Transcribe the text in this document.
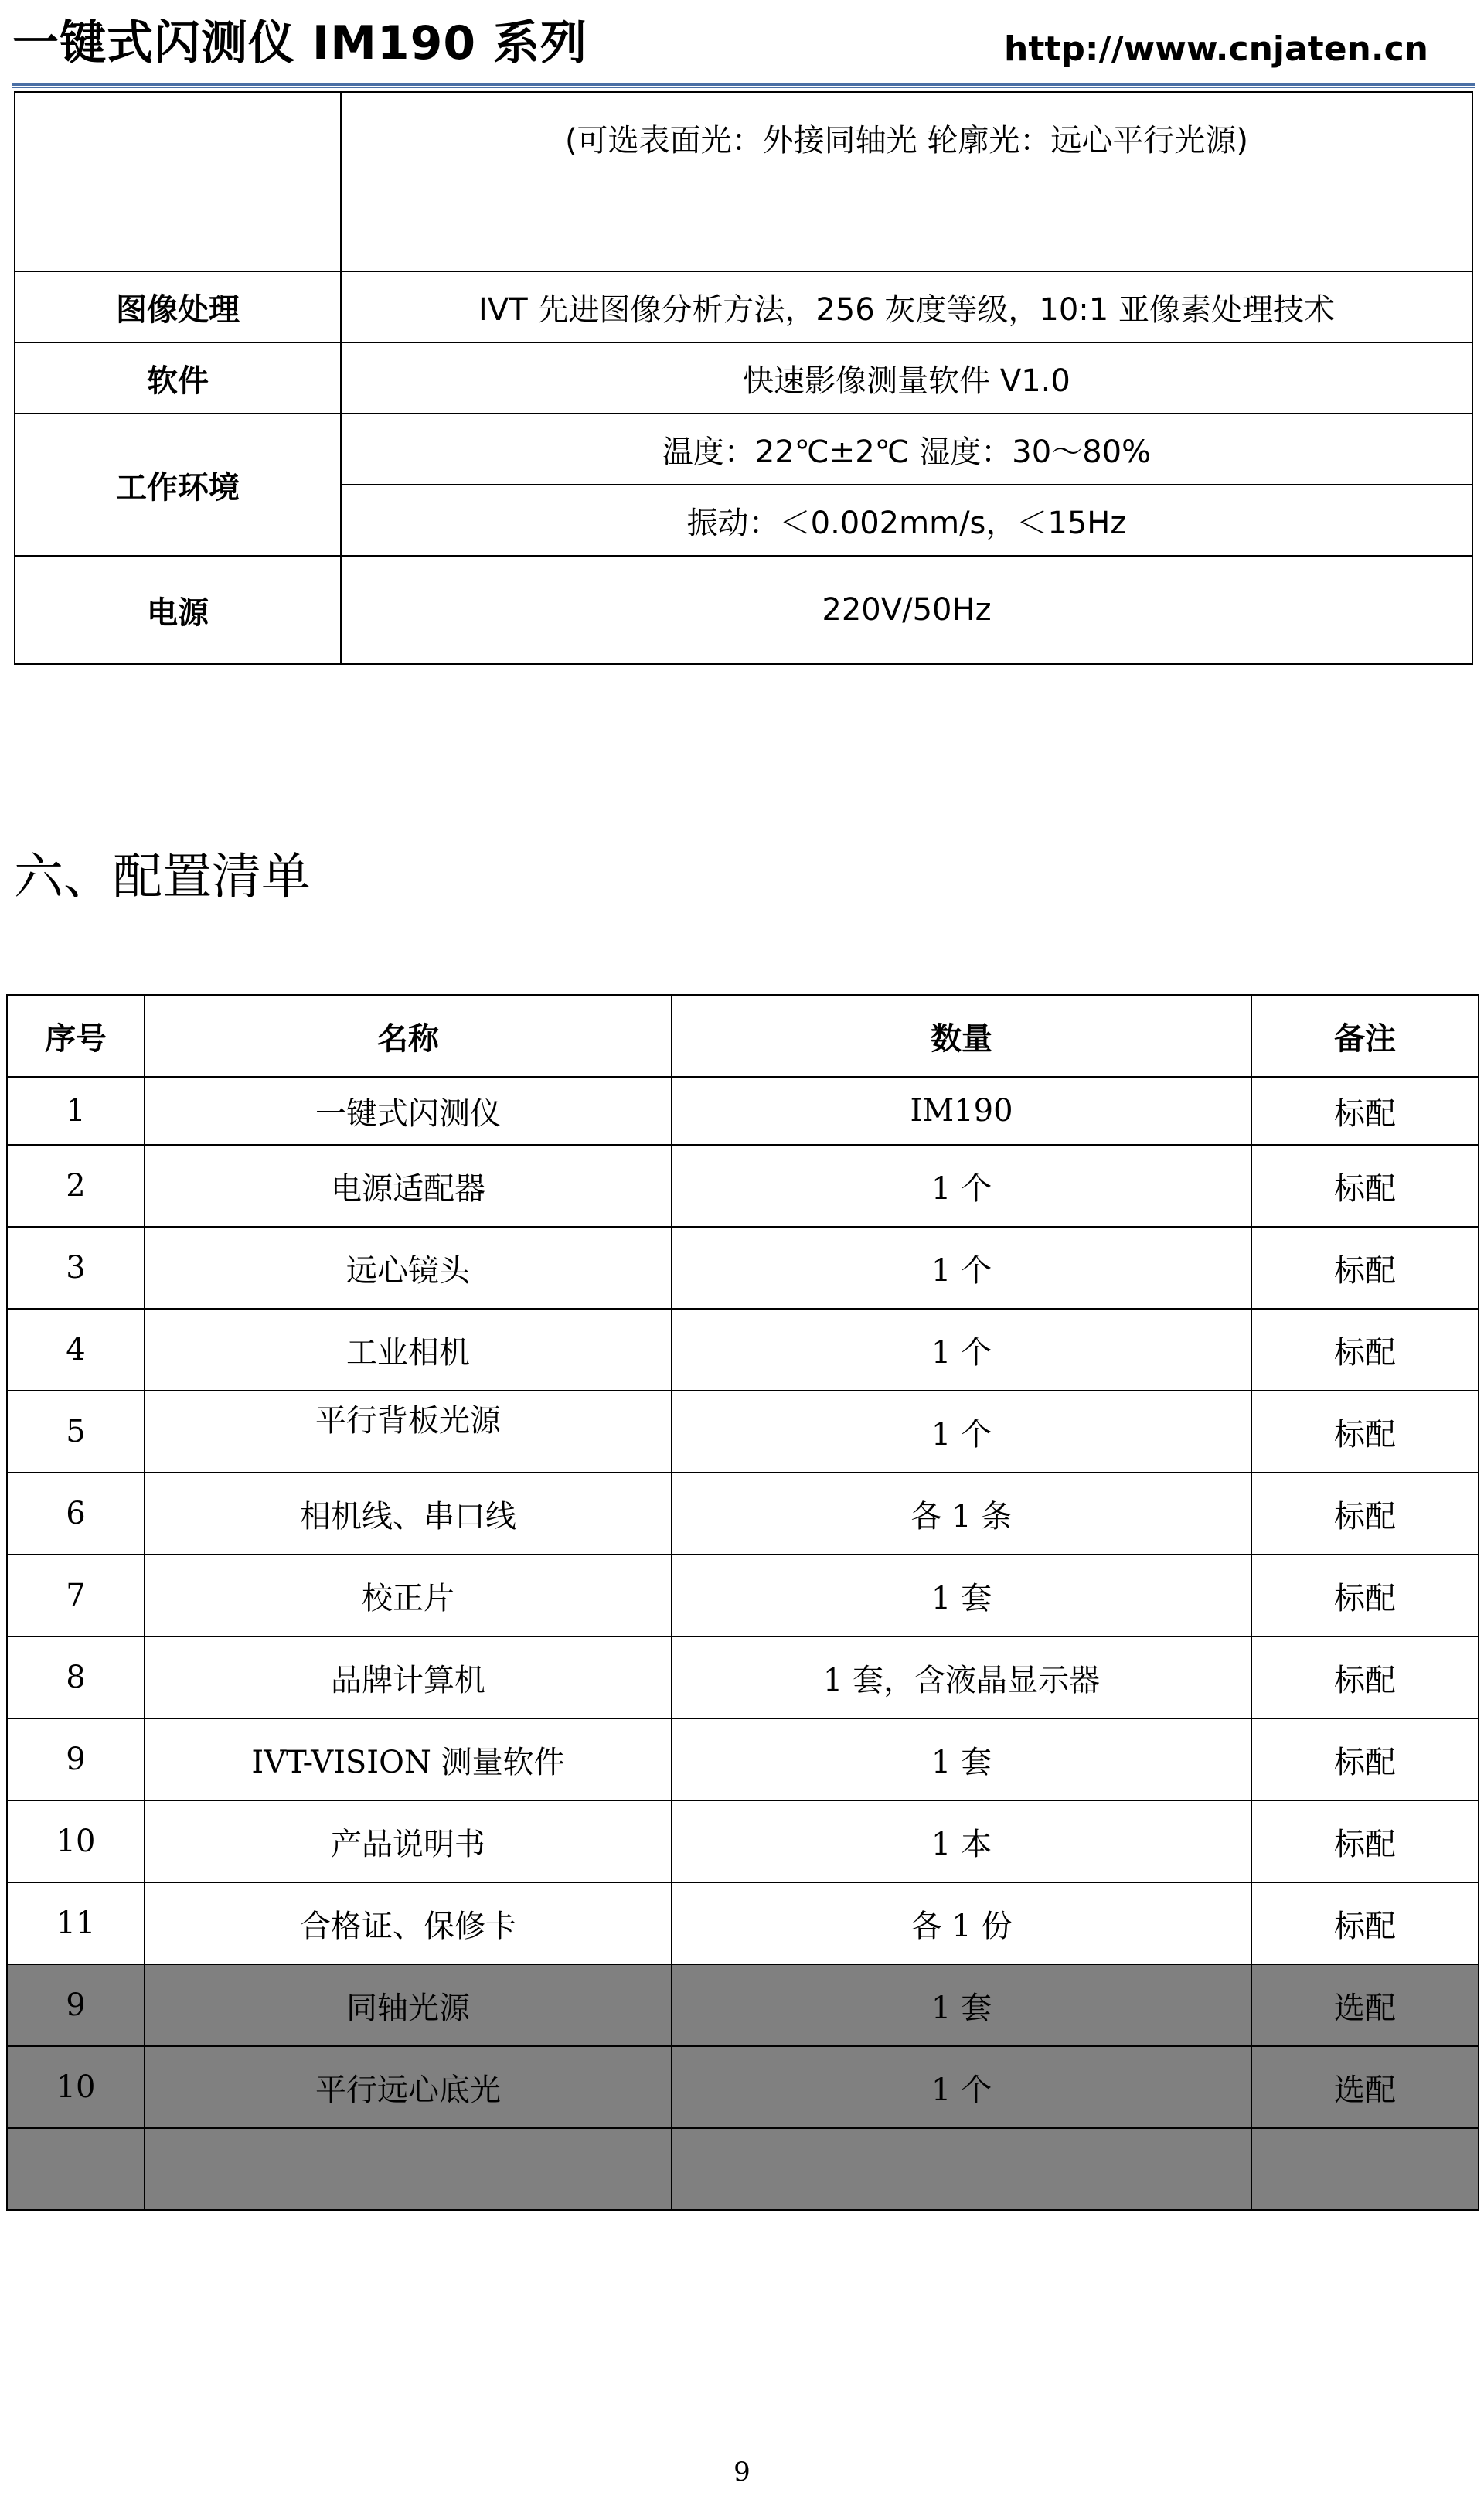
一键式闪测仪 IM190 系列	http://www.cnjaten.cn
	(可选表面光：外接同轴光 轮廓光：远心平行光源)
图像处理	IVT 先进图像分析方法，256 灰度等级，10:1 亚像素处理技术
软件	快速影像测量软件 V1.0
工作环境	温度：22℃±2℃ 湿度：30～80%
	振动：＜0.002mm/s，＜15Hz
电源	220V/50Hz
六、配置清单
序号	名称	数量	备注
1	一键式闪测仪	IM190	标配
2	电源适配器	1 个	标配
3	远心镜头	1 个	标配
4	工业相机	1 个	标配
5	平行背板光源	1 个	标配
6	相机线、串口线	各 1 条	标配
7	校正片	1 套	标配
8	品牌计算机	1 套，含液晶显示器	标配
9	IVT-VISION 测量软件	1 套	标配
10	产品说明书	1 本	标配
11	合格证、保修卡	各 1 份	标配
9	同轴光源	1 套	选配
10	平行远心底光	1 个	选配

9
